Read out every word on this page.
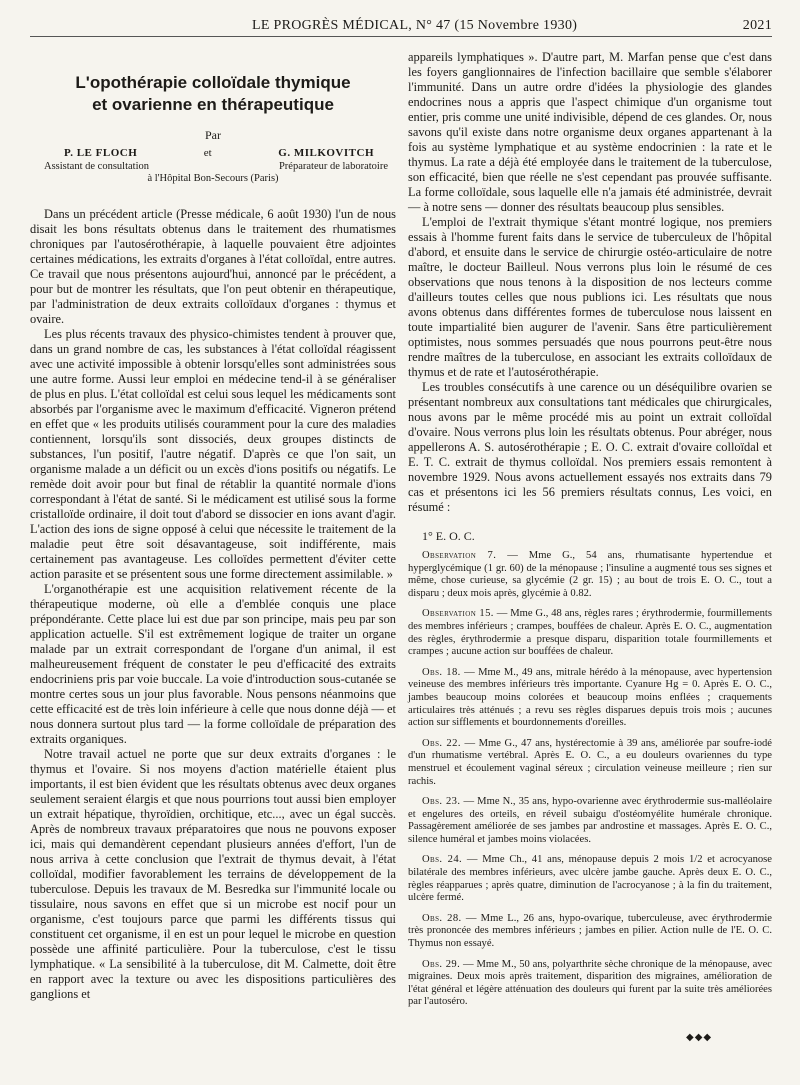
LE PROGRÈS MÉDICAL, N° 47 (15 Novembre 1930)	2021
L'opothérapie colloïdale thymique
et ovarienne en thérapeutique
Par
P. LE FLOCH	et	G. MILKOVITCH
Assistant de consultation	Préparateur de laboratoire
à l'Hôpital Bon-Secours (Paris)

Dans un précédent article (Presse médicale, 6 août 1930) l'un de nous disait les bons résultats obtenus dans le traitement des rhumatismes chroniques par l'autosérothérapie, à laquelle pouvaient être adjointes certaines médications, les extraits d'organes à l'état colloïdal, entre autres. Ce travail que nous présentons aujourd'hui, annoncé par le précédent, a pour but de montrer les résultats, que l'on peut obtenir en thérapeutique, par l'administration de deux extraits colloïdaux d'organes : thymus et ovaire.

Les plus récents travaux des physico-chimistes tendent à prouver que, dans un grand nombre de cas, les substances à l'état colloïdal réagissent avec une activité impossible à obtenir lorsqu'elles sont administrées sous une autre forme. Aussi leur emploi en médecine tend-il à se généraliser de plus en plus. L'état colloïdal est celui sous lequel les médicaments sont absorbés par l'organisme avec le maximum d'efficacité. Vigneron prétend en effet que « les produits utilisés couramment pour la cure des maladies contiennent, lorsqu'ils sont dissociés, deux groupes distincts de substances, l'un positif, l'autre négatif. D'après ce que l'on sait, un organisme malade a un déficit ou un excès d'ions positifs ou négatifs. Le remède doit avoir pour but final de rétablir la quantité normale d'ions correspondant à l'état de santé. Si le médicament est utilisé sous la forme cristalloïde ordinaire, il doit tout d'abord se dissocier en ions avant d'agir. L'action des ions de signe opposé à celui que nécessite le traitement de la maladie peut être soit désavantageuse, soit indifférente, mais certainement pas avantageuse. Les colloïdes permettent d'éviter cette action parasite et se présentent sous une forme directement assimilable. »

L'organothérapie est une acquisition relativement récente de la thérapeutique moderne, où elle a d'emblée conquis une place prépondérante. Cette place lui est due par son principe, mais peu par son application actuelle. S'il est extrêmement logique de traiter un organe malade par un extrait correspondant de l'organe d'un animal, il est malheureusement fréquent de constater le peu d'efficacité des extraits endocriniens pris par voie buccale. La voie d'introduction sous-cutanée se montre certes sous un jour plus favorable. Nous pensons néanmoins que cette efficacité est de très loin inférieure à celle que nous donne déjà — et nous donnera surtout plus tard — la forme colloïdale de préparation des extraits organiques.

Notre travail actuel ne porte que sur deux extraits d'organes : le thymus et l'ovaire. Si nos moyens d'action matérielle étaient plus importants, il est bien évident que les résultats obtenus avec deux organes seulement seraient élargis et que nous pourrions tout aussi bien employer un extrait hépatique, thyroïdien, orchitique, etc..., avec un égal succès. Après de nombreux travaux préparatoires que nous ne pouvons exposer ici, mais qui demandèrent cependant plusieurs années d'effort, l'un de nous arriva à cette conclusion que l'extrait de thymus devait, à l'état colloïdal, modifier favorablement les terrains de développement de la tuberculose. Depuis les travaux de M. Besredka sur l'immunité locale ou tissulaire, nous savons en effet que si un microbe est nocif pour un organisme, c'est toujours parce que parmi les différents tissus qui constituent cet organisme, il en est un pour lequel le microbe en question possède une affinité particulière. Pour la tuberculose, c'est le tissu lymphatique. « La sensibilité à la tuberculose, dit M. Calmette, doit être en rapport avec la texture ou avec les dispositions particulières des ganglions et

appareils lymphatiques ». D'autre part, M. Marfan pense que c'est dans les foyers ganglionnaires de l'infection bacillaire que semble s'élaborer l'immunité. Dans un autre ordre d'idées la physiologie des glandes endocrines nous a appris que l'aspect chimique d'un organisme tout entier, pris comme une unité indivisible, dépend de ces glandes. Or, nous savons qu'il existe dans notre organisme deux organes appartenant à la fois au système lymphatique et au système endocrinien : la rate et le thymus. La rate a déjà été employée dans le traitement de la tuberculose, son efficacité, bien que réelle ne s'est cependant pas prouvée suffisante. La forme colloïdale, sous laquelle elle n'a jamais été administrée, devrait — à notre sens — donner des résultats beaucoup plus sensibles.

L'emploi de l'extrait thymique s'étant montré logique, nos premiers essais à l'homme furent faits dans le service de tuberculeux de l'hôpital d'abord, et ensuite dans le service de chirurgie ostéo-articulaire de notre maître, le docteur Bailleul. Nous verrons plus loin le résumé de ces observations que nous tenons à la disposition de nos lecteurs comme d'ailleurs toutes celles que nous publions ici. Les résultats que nous avons obtenus dans différentes formes de tuberculose nous laissent en toute impartialité bien augurer de l'avenir. Sans être particulièrement optimistes, nous sommes persuadés que nous pourrons peut-être nous rendre maîtres de la tuberculose, en associant les extraits colloïdaux de thymus et de rate et l'autosérothérapie.

Les troubles consécutifs à une carence ou un déséquilibre ovarien se présentant nombreux aux consultations tant médicales que chirurgicales, nous avons par le même procédé mis au point un extrait colloïdal d'ovaire. Nous verrons plus loin les résultats obtenus. Pour abréger, nous appellerons A. S. autosérothérapie ; E. O. C. extrait d'ovaire colloïdal et E. T. C. extrait de thymus colloïdal. Nos premiers essais remontent à novembre 1929. Nous avons actuellement essayés nos extraits dans 79 cas et présentons ici les 56 premiers résultats connus, Les voici, en résumé :

1° E. O. C.

Observation 7. — Mme G., 54 ans, rhumatisante hypertendue et hyperglycémique (1 gr. 60) de la ménopause ; l'insuline a augmenté tous ses signes et même, chose curieuse, sa glycémie (2 gr. 15) ; au bout de trois E. O. C., tout a disparu ; deux mois après, glycémie à 0.82.

Observation 15. — Mme G., 48 ans, règles rares ; érythrodermie, fourmillements des membres inférieurs ; crampes, bouffées de chaleur. Après E. O. C., augmentation des règles, érythrodermie a presque disparu, disparition totale fourmillements et crampes ; aucune action sur bouffées de chaleur.

Obs. 18. — Mme M., 49 ans, mitrale hérédo à la ménopause, avec hypertension veineuse des membres inférieurs très importante. Cyanure Hg = 0. Après E. O. C., jambes beaucoup moins colorées et beaucoup moins enflées ; craquements articulaires très atténués ; a revu ses règles disparues depuis trois mois ; aucunes action sur sifflements et bourdonnements d'oreilles.

Obs. 22. — Mme G., 47 ans, hystérectomie à 39 ans, améliorée par soufre-iodé d'un rhumatisme vertébral. Après E. O. C., a eu douleurs ovariennes du type menstruel et écoulement vaginal séreux ; circulation veineuse meilleure ; rien sur rachis.

Obs. 23. — Mme N., 35 ans, hypo-ovarienne avec érythrodermie sus-malléolaire et engelures des orteils, en réveil subaigu d'ostéomyélite humérale chronique. Passagèrement améliorée de ses jambes par androstine et massages. Après E. O. C., silence huméral et jambes moins violacées.

Obs. 24. — Mme Ch., 41 ans, ménopause depuis 2 mois 1/2 et acrocyanose bilatérale des membres inférieurs, avec ulcère jambe gauche. Après deux E. O. C., règles réapparues ; après quatre, diminution de l'acrocyanose ; à la fin du traitement, ulcère fermé.

Obs. 28. — Mme L., 26 ans, hypo-ovarique, tuberculeuse, avec érythrodermie très prononcée des membres inférieurs ; jambes en pilier. Action nulle de l'E. O. C. Thymus non essayé.

Obs. 29. — Mme M., 50 ans, polyarthrite sèche chronique de la ménopause, avec migraines. Deux mois après traitement, disparition des migraines, amélioration de l'état général et légère atténuation des douleurs qui furent par la suite très améliorées par l'autosérо.

◆◆◆
